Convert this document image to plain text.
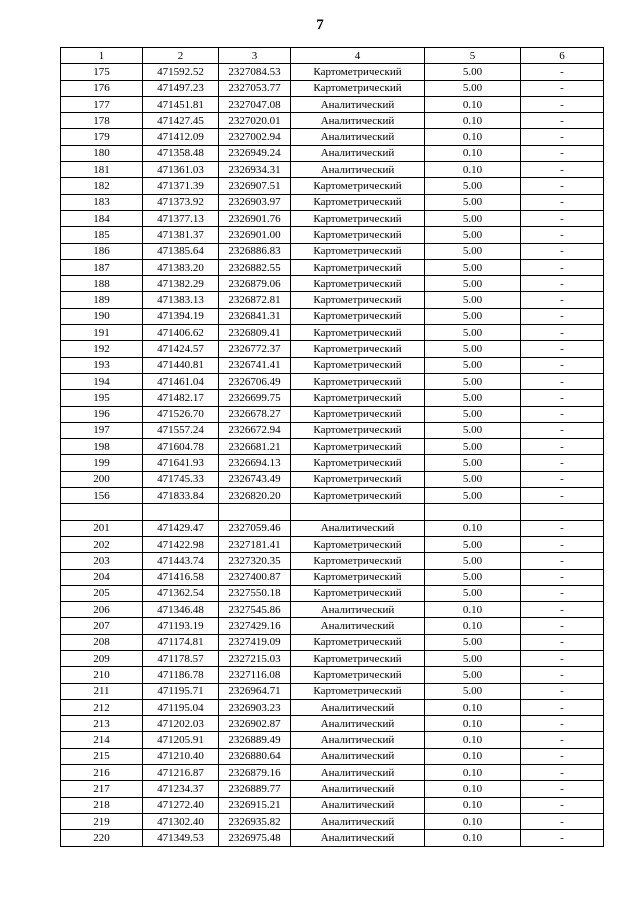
7
1	2	3	4	5	6
175	471592.52	2327084.53	Картометрический	5.00	-
176	471497.23	2327053.77	Картометрический	5.00	-
177	471451.81	2327047.08	Аналитический	0.10	-
178	471427.45	2327020.01	Аналитический	0.10	-
179	471412.09	2327002.94	Аналитический	0.10	-
180	471358.48	2326949.24	Аналитический	0.10	-
181	471361.03	2326934.31	Аналитический	0.10	-
182	471371.39	2326907.51	Картометрический	5.00	-
183	471373.92	2326903.97	Картометрический	5.00	-
184	471377.13	2326901.76	Картометрический	5.00	-
185	471381.37	2326901.00	Картометрический	5.00	-
186	471385.64	2326886.83	Картометрический	5.00	-
187	471383.20	2326882.55	Картометрический	5.00	-
188	471382.29	2326879.06	Картометрический	5.00	-
189	471383.13	2326872.81	Картометрический	5.00	-
190	471394.19	2326841.31	Картометрический	5.00	-
191	471406.62	2326809.41	Картометрический	5.00	-
192	471424.57	2326772.37	Картометрический	5.00	-
193	471440.81	2326741.41	Картометрический	5.00	-
194	471461.04	2326706.49	Картометрический	5.00	-
195	471482.17	2326699.75	Картометрический	5.00	-
196	471526.70	2326678.27	Картометрический	5.00	-
197	471557.24	2326672.94	Картометрический	5.00	-
198	471604.78	2326681.21	Картометрический	5.00	-
199	471641.93	2326694.13	Картометрический	5.00	-
200	471745.33	2326743.49	Картометрический	5.00	-
156	471833.84	2326820.20	Картометрический	5.00	-

201	471429.47	2327059.46	Аналитический	0.10	-
202	471422.98	2327181.41	Картометрический	5.00	-
203	471443.74	2327320.35	Картометрический	5.00	-
204	471416.58	2327400.87	Картометрический	5.00	-
205	471362.54	2327550.18	Картометрический	5.00	-
206	471346.48	2327545.86	Аналитический	0.10	-
207	471193.19	2327429.16	Аналитический	0.10	-
208	471174.81	2327419.09	Картометрический	5.00	-
209	471178.57	2327215.03	Картометрический	5.00	-
210	471186.78	2327116.08	Картометрический	5.00	-
211	471195.71	2326964.71	Картометрический	5.00	-
212	471195.04	2326903.23	Аналитический	0.10	-
213	471202.03	2326902.87	Аналитический	0.10	-
214	471205.91	2326889.49	Аналитический	0.10	-
215	471210.40	2326880.64	Аналитический	0.10	-
216	471216.87	2326879.16	Аналитический	0.10	-
217	471234.37	2326889.77	Аналитический	0.10	-
218	471272.40	2326915.21	Аналитический	0.10	-
219	471302.40	2326935.82	Аналитический	0.10	-
220	471349.53	2326975.48	Аналитический	0.10	-
